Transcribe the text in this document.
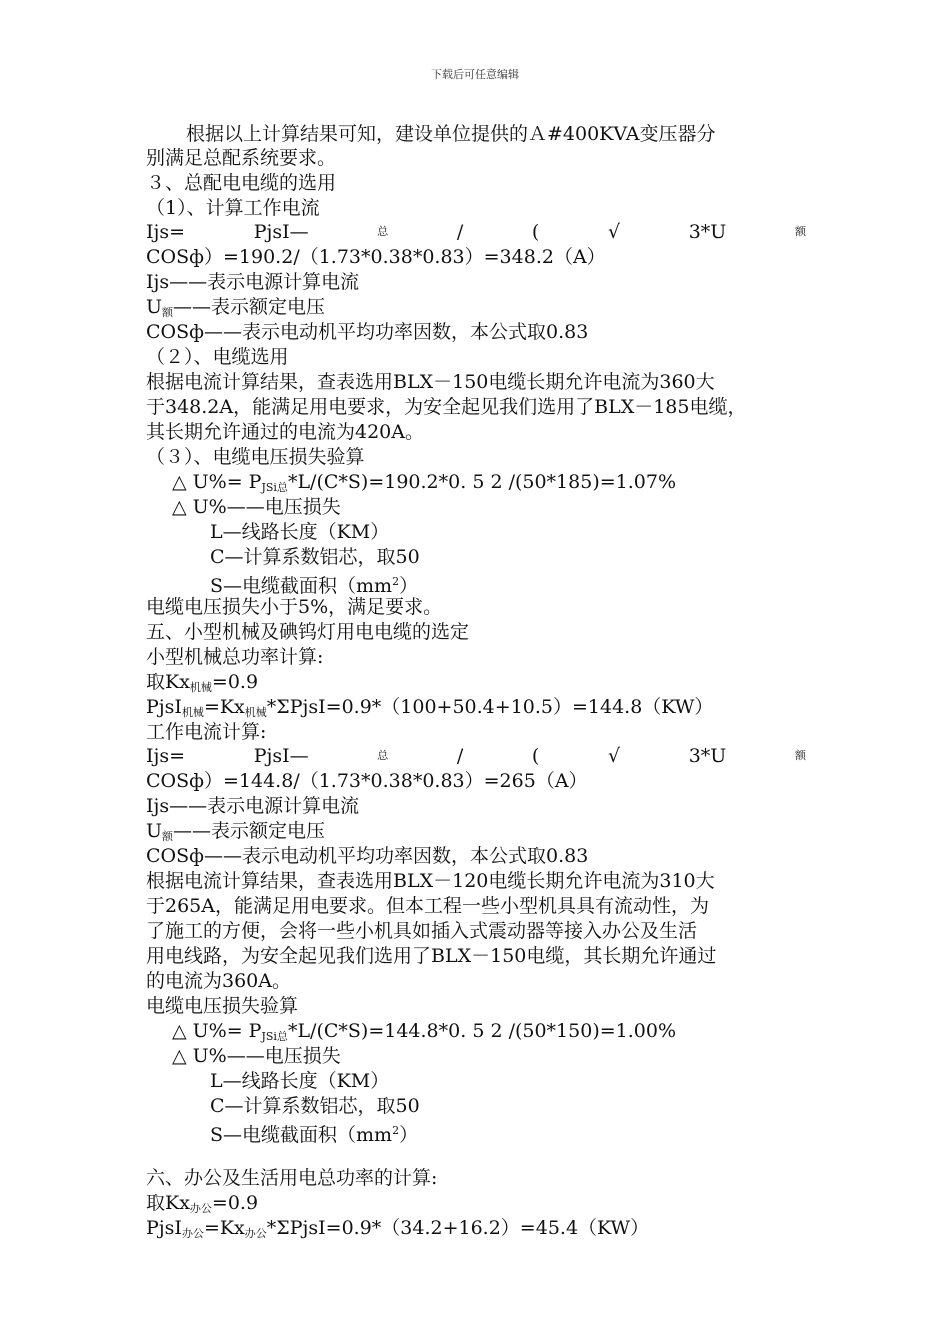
下载后可任意编辑
根据以上计算结果可知，建设单位提供的Ａ#400KVA变压器分
别满足总配系统要求。
３、总配电电缆的选用
（1）、计算工作电流
Ijs=	PjsI—	总	/	(	√	3*U	额
COSф）=190.2/（1.73*0.38*0.83）=348.2（A）
Ijs——表示电源计算电流
$U_额——$表示额定电压
COSф——表示电动机平均功率因数，本公式取0.83
（２）、电缆选用
根据电流计算结果，查表选用BLX－150电缆长期允许电流为360大
于348.2A，能满足用电要求，为安全起见我们选用了BLX－185电缆，
其长期允许通过的电流为420A。
（３）、电缆电压损失验算
△ $U\%= P_{JSi总}*L/(C*S)=190.2*0$. 5 2 /(50*185)=1.07%
△ U%——电压损失
L—线路长度（KM）
C—计算系数铝芯，取50
S—电缆截面积$(mm^2)$
电缆电压损失小于5%，满足要求。
五、小型机械及碘钨灯用电电缆的选定
小型机械总功率计算:
取$Kx_{机械}=0.9$
$PjsI_{机械}=Kx_{机械}*\Sigma PjsI=0.9*(100+50.4+10.5)=144.8(KW)$
工作电流计算:
Ijs=	PjsI—	总	/	(	√	3*U	额
COSф）=144.8/（1.73*0.38*0.83）=265（A）
Ijs——表示电源计算电流
$U_额——$表示额定电压
COSф——表示电动机平均功率因数，本公式取0.83
根据电流计算结果，查表选用BLX－120电缆长期允许电流为310大
于265A，能满足用电要求。但本工程一些小型机具具有流动性，为
了施工的方便，会将一些小机具如插入式震动器等接入办公及生活
用电线路，为安全起见我们选用了BLX－150电缆，其长期允许通过
的电流为360A。
电缆电压损失验算
△ $U\%= P_{JSi总}*L/(C*S)=144.8*0$. 5 2 /(50*150)=1.00%
△ U%——电压损失
L—线路长度（KM）
C—计算系数铝芯，取50
S—电缆截面积$(mm^2)$
六、办公及生活用电总功率的计算:
取$Kx_{办公}=0.9$
$PjsI_{办公}=Kx_{办公}*\Sigma PjsI=0.9*(34.2+16.2)=45.4(KW)$
